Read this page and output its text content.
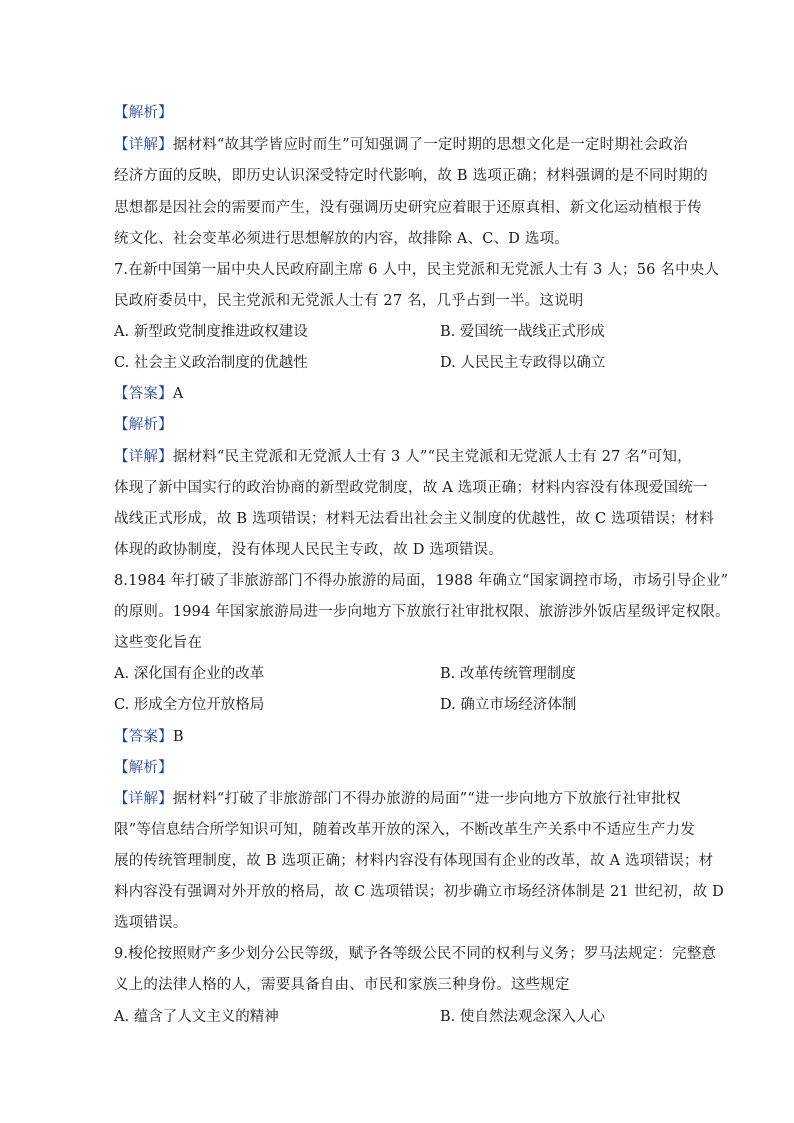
【解析】
【详解】据材料“故其学皆应时而生”可知强调了一定时期的思想文化是一定时期社会政治
经济方面的反映，即历史认识深受特定时代影响，故 B 选项正确；材料强调的是不同时期的
思想都是因社会的需要而产生，没有强调历史研究应着眼于还原真相、新文化运动植根于传
统文化、社会变革必须进行思想解放的内容，故排除 A、C、D 选项。
7.在新中国第一届中央人民政府副主席 6 人中，民主党派和无党派人士有 3 人；56 名中央人
民政府委员中，民主党派和无党派人士有 27 名，几乎占到一半。这说明
A. 新型政党制度推进政权建设	B. 爱国统一战线正式形成
C. 社会主义政治制度的优越性	D. 人民民主专政得以确立
【答案】A
【解析】
【详解】据材料“民主党派和无党派人士有 3 人”“民主党派和无党派人士有 27 名”可知，
体现了新中国实行的政治协商的新型政党制度，故 A 选项正确；材料内容没有体现爱国统一
战线正式形成，故 B 选项错误；材料无法看出社会主义制度的优越性，故 C 选项错误；材料
体现的政协制度，没有体现人民民主专政，故 D 选项错误。
8.1984 年打破了非旅游部门不得办旅游的局面，1988 年确立“国家调控市场，市场引导企业”
的原则。1994 年国家旅游局进一步向地方下放旅行社审批权限、旅游涉外饭店星级评定权限。
这些变化旨在
A. 深化国有企业的改革	B. 改革传统管理制度
C. 形成全方位开放格局	D. 确立市场经济体制
【答案】B
【解析】
【详解】据材料“打破了非旅游部门不得办旅游的局面”“进一步向地方下放旅行社审批权
限”等信息结合所学知识可知，随着改革开放的深入，不断改革生产关系中不适应生产力发
展的传统管理制度，故 B 选项正确；材料内容没有体现国有企业的改革，故 A 选项错误；材
料内容没有强调对外开放的格局，故 C 选项错误；初步确立市场经济体制是 21 世纪初，故 D
选项错误。
9.梭伦按照财产多少划分公民等级，赋予各等级公民不同的权利与义务；罗马法规定：完整意
义上的法律人格的人，需要具备自由、市民和家族三种身份。这些规定
A. 蕴含了人文主义的精神	B. 使自然法观念深入人心
